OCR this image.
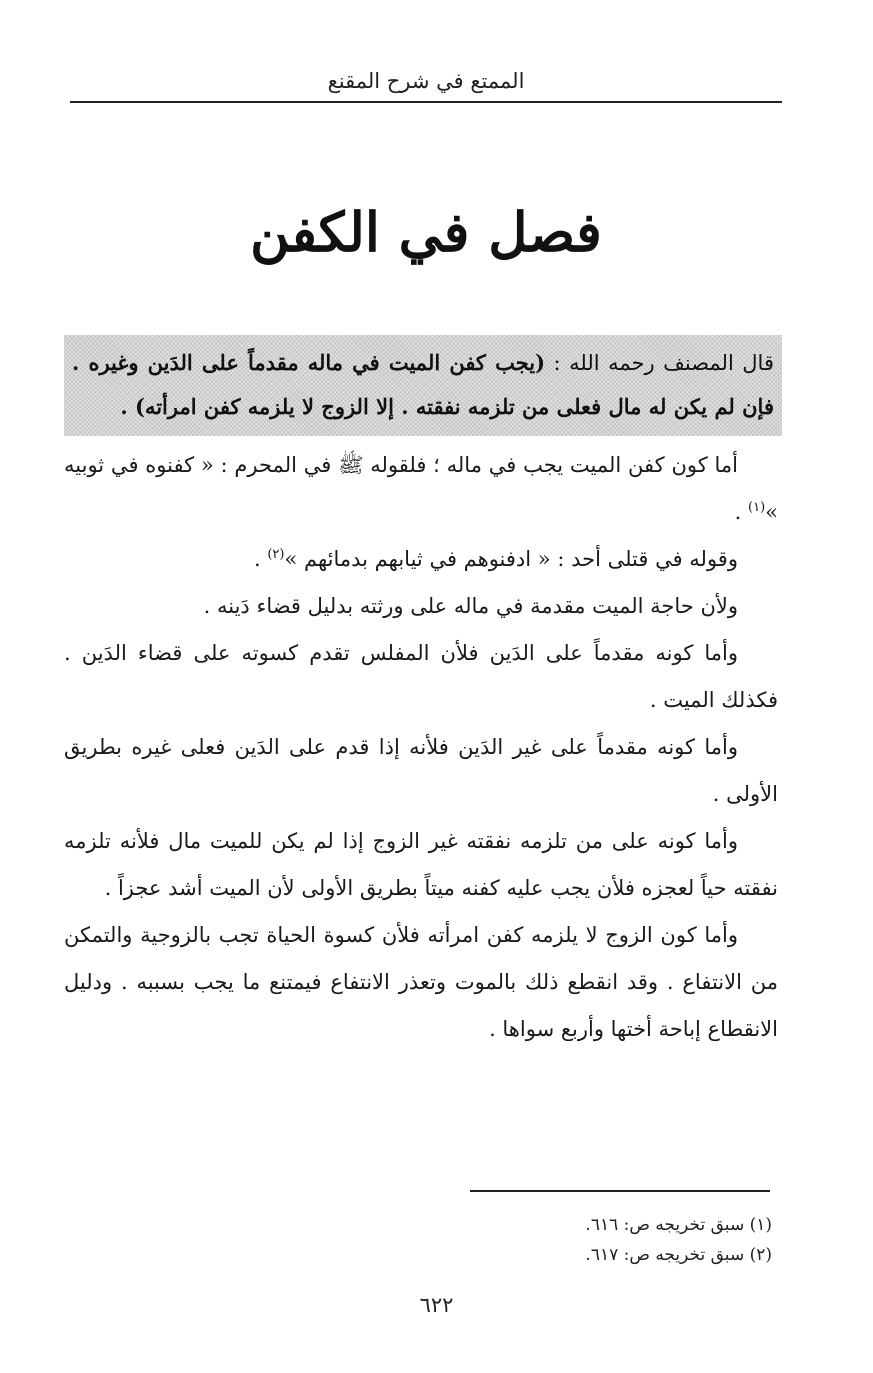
الممتع في شرح المقنع
فصل في الكفن
قال المصنف رحمه الله : (يجب كفن الميت في ماله مقدماً على الدَين وغيره . فإن لم يكن له مال فعلى من تلزمه نفقته . إلا الزوج لا يلزمه كفن امرأته) .

أما كون كفن الميت يجب في ماله ؛ فلقوله ﷺ في المحرم : « كفنوه في ثوبيه »$^{(١)}$ .

وقوله في قتلى أحد : « ادفنوهم في ثيابهم بدمائهم »$^{(٢)}$ .

ولأن حاجة الميت مقدمة في ماله على ورثته بدليل قضاء دَينه .

وأما كونه مقدماً على الدَين فلأن المفلس تقدم كسوته على قضاء الدَين . فكذلك الميت .

وأما كونه مقدماً على غير الدَين فلأنه إذا قدم على الدَين فعلى غيره بطريق الأولى .

وأما كونه على من تلزمه نفقته غير الزوج إذا لم يكن للميت مال فلأنه تلزمه نفقته حياً لعجزه فلأن يجب عليه كفنه ميتاً بطريق الأولى لأن الميت أشد عجزاً .

وأما كون الزوج لا يلزمه كفن امرأته فلأن كسوة الحياة تجب بالزوجية والتمكن من الانتفاع . وقد انقطع ذلك بالموت وتعذر الانتفاع فيمتنع ما يجب بسببه . ودليل الانقطاع إباحة أختها وأربع سواها .

(١) سبق تخريجه ص: ٦١٦.

(٢) سبق تخريجه ص: ٦١٧.

٦٢٢
